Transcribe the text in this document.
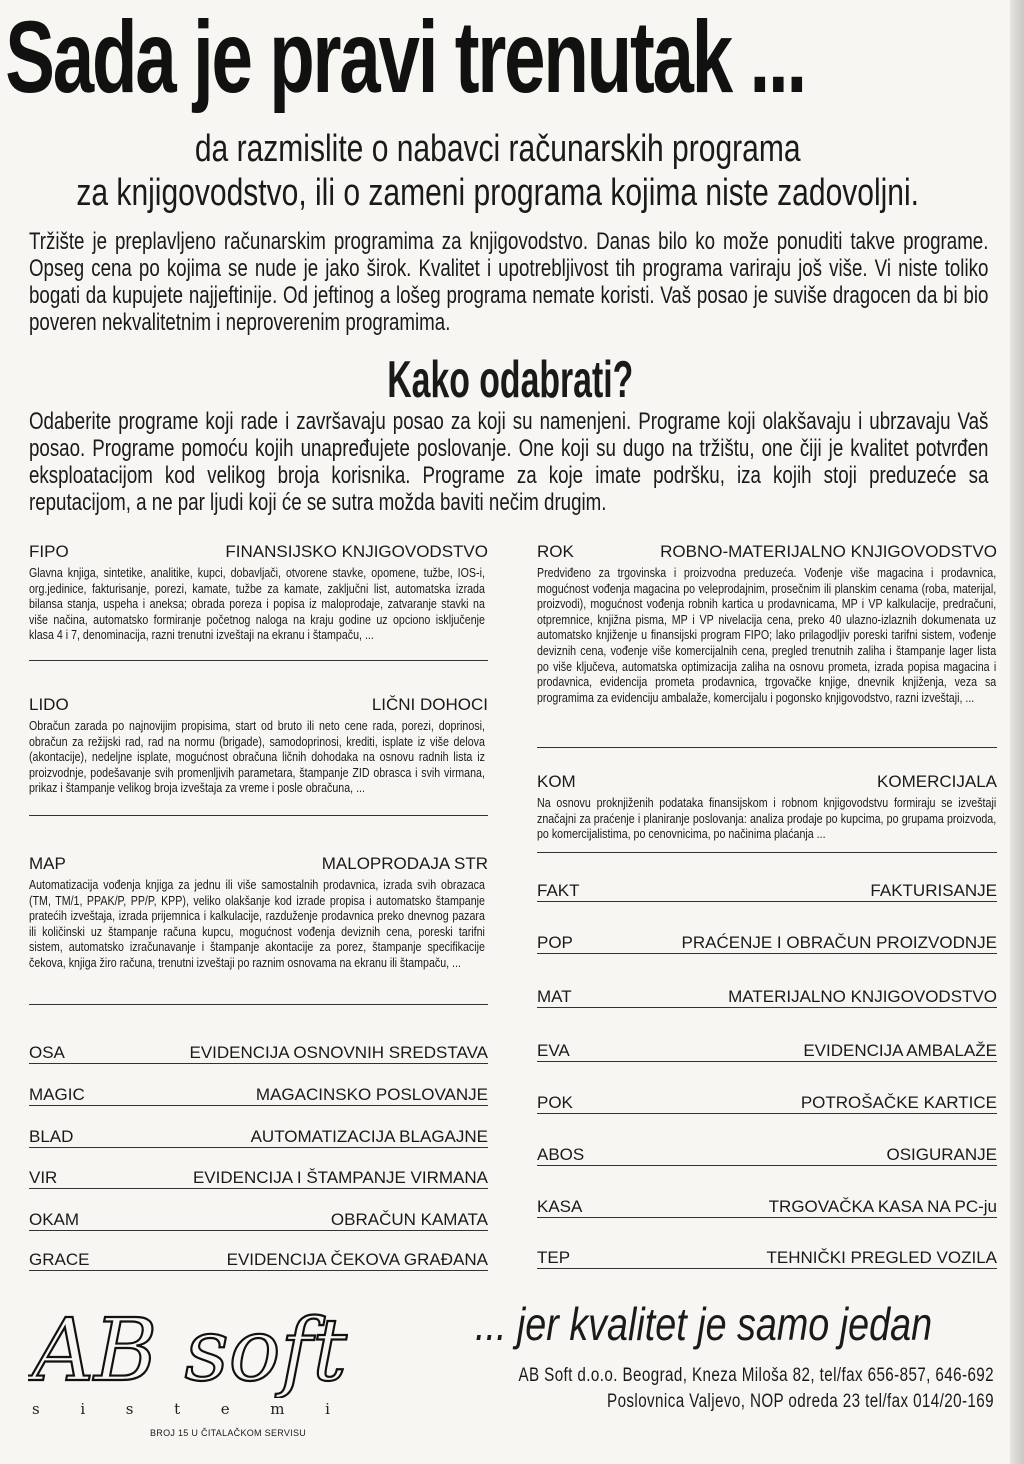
Sada je pravi trenutak ...
da razmislite o nabavci računarskih programa
za knjigovodstvo, ili o zameni programa kojima niste zadovoljni.

Tržište je preplavljeno računarskim programima za knjigovodstvo. Danas bilo ko može ponuditi takve programe. Opseg cena po kojima se nude je jako širok. Kvalitet i upotrebljivost tih programa variraju još više. Vi niste toliko bogati da kupujete najjeftinije. Od jeftinog a lošeg programa nemate koristi. Vaš posao je suviše dragocen da bi bio poveren nekvalitetnim i neproverenim programima.

Kako odabrati?

Odaberite programe koji rade i završavaju posao za koji su namenjeni. Programe koji olakšavaju i ubrzavaju Vaš posao. Programe pomoću kojih unapređujete poslovanje. One koji su dugo na tržištu, one čiji je kvalitet potvrđen eksploatacijom kod velikog broja korisnika. Programe za koje imate podršku, iza kojih stoji preduzeće sa reputacijom, a ne par ljudi koji će se sutra možda baviti nečim drugim.

FIPO	FINANSIJSKO KNJIGOVODSTVO
Glavna knjiga, sintetike, analitike, kupci, dobavljači, otvorene stavke, opomene, tužbe, IOS-i, org.jedinice, fakturisanje, porezi, kamate, tužbe za kamate, zaključni list, automatska izrada bilansa stanja, uspeha i aneksa; obrada poreza i popisa iz maloprodaje, zatvaranje stavki na više načina, automatsko formiranje početnog naloga na kraju godine uz opciono isključenje klasa 4 i 7, denominacija, razni trenutni izveštaji na ekranu i štampaču, ...
LIDO	LIČNI DOHOCI
Obračun zarada po najnovijim propisima, start od bruto ili neto cene rada, porezi, doprinosi, obračun za režijski rad, rad na normu (brigade), samodoprinosi, krediti, isplate iz više delova (akontacije), nedeljne isplate, mogućnost obračuna ličnih dohodaka na osnovu radnih lista iz proizvodnje, podešavanje svih promenljivih parametara, štampanje ZID obrasca i svih virmana, prikaz i štampanje velikog broja izveštaja za vreme i posle obračuna, ...
MAP	MALOPRODAJA STR
Automatizacija vođenja knjiga za jednu ili više samostalnih prodavnica, izrada svih obrazaca (TM, TM/1, PPAK/P, PP/P, KPP), veliko olakšanje kod izrade propisa i automatsko štampanje pratećih izveštaja, izrada prijemnica i kalkulacije, razduženje prodavnica preko dnevnog pazara ili količinski uz štampanje računa kupcu, mogućnost vođenja deviznih cena, poreski tarifni sistem, automatsko izračunavanje i štampanje akontacije za porez, štampanje specifikacije čekova, knjiga žiro računa, trenutni izveštaji po raznim osnovama na ekranu ili štampaču, ...
ROK	ROBNO-MATERIJALNO KNJIGOVODSTVO
Predviđeno za trgovinska i proizvodna preduzeća. Vođenje više magacina i prodavnica, mogućnost vođenja magacina po veleprodajnim, prosečnim ili planskim cenama (roba, materijal, proizvodi), mogućnost vođenja robnih kartica u prodavnicama, MP i VP kalkulacije, predračuni, otpremnice, knjižna pisma, MP i VP nivelacija cena, preko 40 ulazno-izlaznih dokumenata uz automatsko knjiženje u finansijski program FIPO; lako prilagodljiv poreski tarifni sistem, vođenje deviznih cena, vođenje više komercijalnih cena, pregled trenutnih zaliha i štampanje lager lista po više ključeva, automatska optimizacija zaliha na osnovu prometa, izrada popisa magacina i prodavnica, evidencija prometa prodavnica, trgovačke knjige, dnevnik knjiženja, veza sa programima za evidenciju ambalaže, komercijalu i pogonsko knjigovodstvo, razni izveštaji, ...
KOM	KOMERCIJALA
Na osnovu proknjiženih podataka finansijskom i robnom knjigovodstvu formiraju se izveštaji značajni za praćenje i planiranje poslovanja: analiza prodaje po kupcima, po grupama proizvoda, po komercijalistima, po cenovnicima, po načinima plaćanja ...
FAKT	FAKTURISANJE
POP	PRAĆENJE I OBRAČUN PROIZVODNJE
MAT	MATERIJALNO KNJIGOVODSTVO
EVA	EVIDENCIJA AMBALAŽE
POK	POTROŠAČKE KARTICE
ABOS	OSIGURANJE
KASA	TRGOVAČKA KASA NA PC-ju
TEP	TEHNIČKI PREGLED VOZILA
OSA	EVIDENCIJA OSNOVNIH SREDSTAVA
MAGIC	MAGACINSKO POSLOVANJE
BLAD	AUTOMATIZACIJA BLAGAJNE
VIR	EVIDENCIJA I ŠTAMPANJE VIRMANA
OKAM	OBRAČUN KAMATA
GRACE	EVIDENCIJA ČEKOVA GRAĐANA
AB soft
s	i	s	t	e	m	i
BROJ 15 U ČITALAČKOM SERVISU
... jer kvalitet je samo jedan
AB Soft d.o.o. Beograd, Kneza Miloša 82, tel/fax 656-857, 646-692
Poslovnica Valjevo, NOP odreda 23 tel/fax 014/20-169
